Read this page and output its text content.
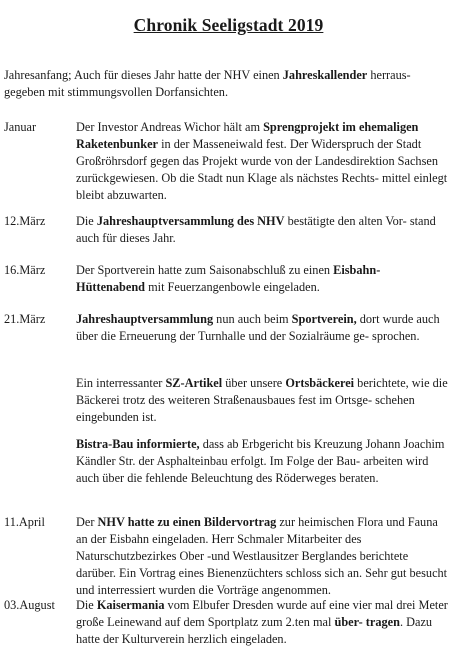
Chronik Seeligstadt 2019
Jahresanfang; Auch für dieses Jahr hatte der NHV einen Jahreskallender herraus- gegeben mit stimmungsvollen Dorfansichten.
Januar	Der Investor Andreas Wichor hält am Sprengprojekt im ehemaligen Raketenbunker in der Masseneiwald fest. Der Widerspruch der Stadt Großröhrsdorf gegen das Projekt wurde von der Landesdirektion Sachsen zurückgewiesen. Ob die Stadt nun Klage als nächstes Rechts- mittel einlegt bleibt abzuwarten.
12.März Die Jahreshauptversammlung des NHV bestätigte den alten Vor- stand auch für dieses Jahr.
16.März Der Sportverein hatte zum Saisonabschluß zu einen Eisbahn- Hüttenabend mit Feuerzangenbowle eingeladen.
21.März Jahreshauptversammlung nun auch beim Sportverein, dort wurde auch über die Erneuerung der Turnhalle und der Sozialräume ge- sprochen.
Ein interressanter SZ-Artikel über unsere Ortsbäckerei berichtete, wie die Bäckerei trotz des weiteren Straßenausbaues fest im Ortsge- schehen eingebunden ist.
Bistra-Bau informierte, dass ab Erbgericht bis Kreuzung Johann Joachim Kändler Str. der Asphalteinbau erfolgt. Im Folge der Bau- arbeiten wird auch über die fehlende Beleuchtung des Röderweges beraten.
11.April	Der NHV hatte zu einen Bildervortrag zur heimischen Flora und Fauna an der Eisbahn eingeladen. Herr Schmaler Mitarbeiter des Naturschutzbezirkes Ober -und Westlausitzer Berglandes berichtete darüber. Ein Vortrag eines Bienenzüchters schloss sich an. Sehr gut besucht und interressiert wurden die Vorträge angenommen.
03.August Die Kaisermania vom Elbufer Dresden wurde auf eine vier mal drei Meter große Leinewand auf dem Sportplatz zum 2.ten mal über- tragen. Dazu hatte der Kulturverein herzlich eingeladen.
